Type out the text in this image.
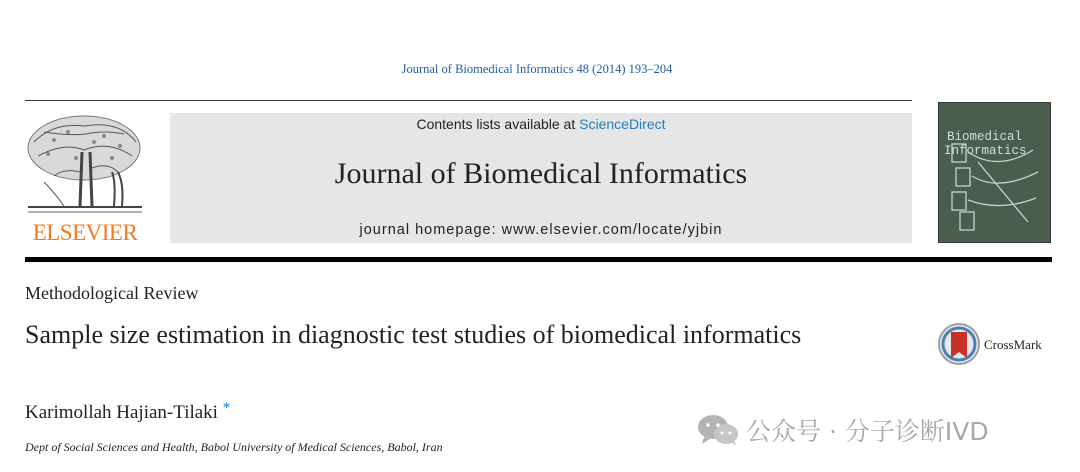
Journal of Biomedical Informatics 48 (2014) 193–204
ELSEVIER
Contents lists available at ScienceDirect
Journal of Biomedical Informatics
journal homepage: www.elsevier.com/locate/yjbin
Biomedical
Informatics
Methodological Review
Sample size estimation in diagnostic test studies of biomedical informatics
Karimollah Hajian-Tilaki *
Dept of Social Sciences and Health, Babol University of Medical Sciences, Babol, Iran
CrossMark
公众号 · 分子诊断IVD
